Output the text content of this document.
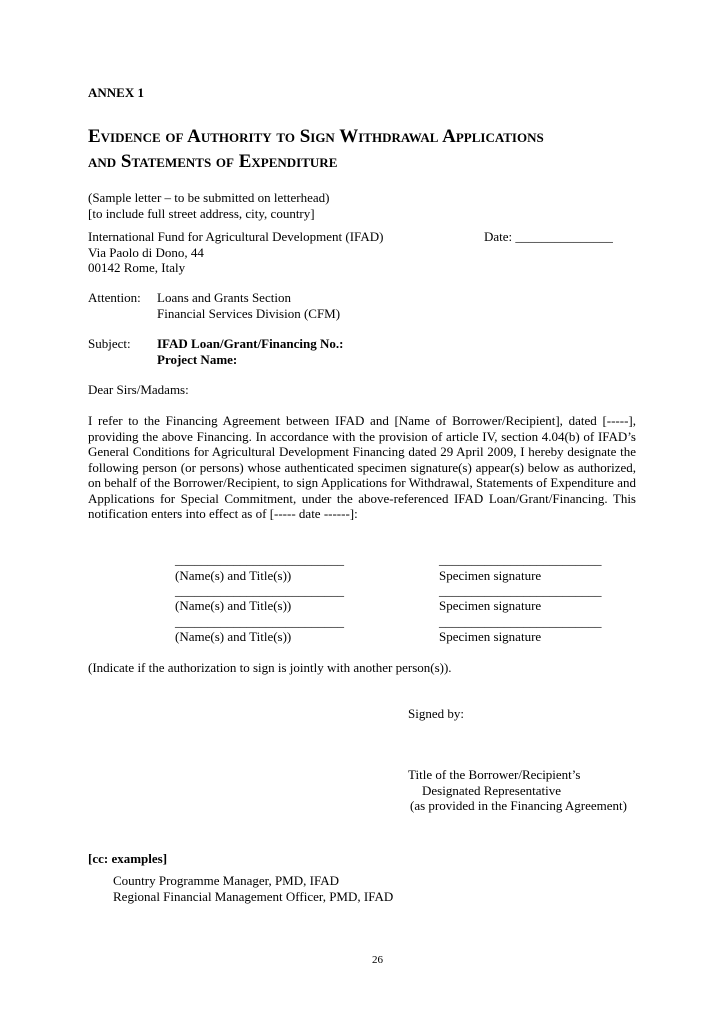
ANNEX 1
Evidence of Authority to Sign Withdrawal Applications
and Statements of Expenditure
(Sample letter – to be submitted on letterhead)
[to include full street address, city, country]
International Fund for Agricultural Development (IFAD)	Date: _______________
Via Paolo di Dono, 44
00142 Rome, Italy
Attention: Loans and Grants Section
Financial Services Division (CFM)
Subject: IFAD Loan/Grant/Financing No.:
Project Name:
Dear Sirs/Madams:
I refer to the Financing Agreement between IFAD and [Name of Borrower/Recipient], dated [-----], providing the above Financing. In accordance with the provision of article IV, section 4.04(b) of IFAD’s General Conditions for Agricultural Development Financing dated 29 April 2009, I hereby designate the following person (or persons) whose authenticated specimen signature(s) appear(s) below as authorized, on behalf of the Borrower/Recipient, to sign Applications for Withdrawal, Statements of Expenditure and Applications for Special Commitment, under the above-referenced IFAD Loan/Grant/Financing. This notification enters into effect as of [----- date ------]:
__________________________	_________________________
(Name(s) and Title(s))	Specimen signature
__________________________	_________________________
(Name(s) and Title(s))	Specimen signature
__________________________	_________________________
(Name(s) and Title(s))	Specimen signature
(Indicate if the authorization to sign is jointly with another person(s)).
Signed by:
Title of the Borrower/Recipient’s
Designated Representative
(as provided in the Financing Agreement)
[cc: examples]
Country Programme Manager, PMD, IFAD
Regional Financial Management Officer, PMD, IFAD
26
